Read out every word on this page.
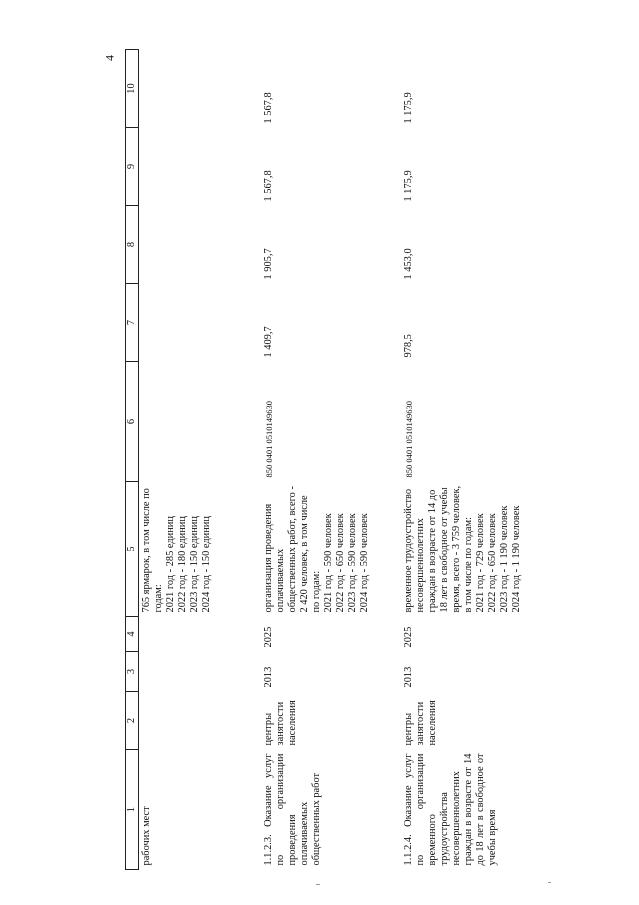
4
1	2	3	4	5	6	7	8	9	10
рабочих мест				765 ярмарок, в том числе по годам:
2021 год - 285 единиц
2022 год - 180 единиц
2023 год - 150 единиц
2024 год - 150 единиц					
1.1.2.3. Оказание услуг по организации проведения оплачиваемых общественных работ	центры занятости населения	2013	2025	организация проведения оплачиваемых общественных работ, всего - 2 420 человек, в том числе по годам:
2021 год - 590 человек
2022 год - 650 человек
2023 год - 590 человек
2024 год - 590 человек	850 0401 0510149630	1 409,7	1 905,7	1 567,8	1 567,8
1.1.2.4. Оказание услуг по организации временного трудоустройства несовершеннолетних граждан в возрасте от 14 до 18 лет в свободное от учебы время	центры занятости населения	2013	2025	временное трудоустройство несовершеннолетних граждан в возрасте от 14 до 18 лет в свободное от учебы время, всего - 3 759 человек, в том числе по годам:
2021 год - 729 человек
2022 год - 650 человек
2023 год - 1 190 человек
2024 год - 1 190 человек	850 0401 0510149630	978,5	1 453,0	1 175,9	1 175,9
